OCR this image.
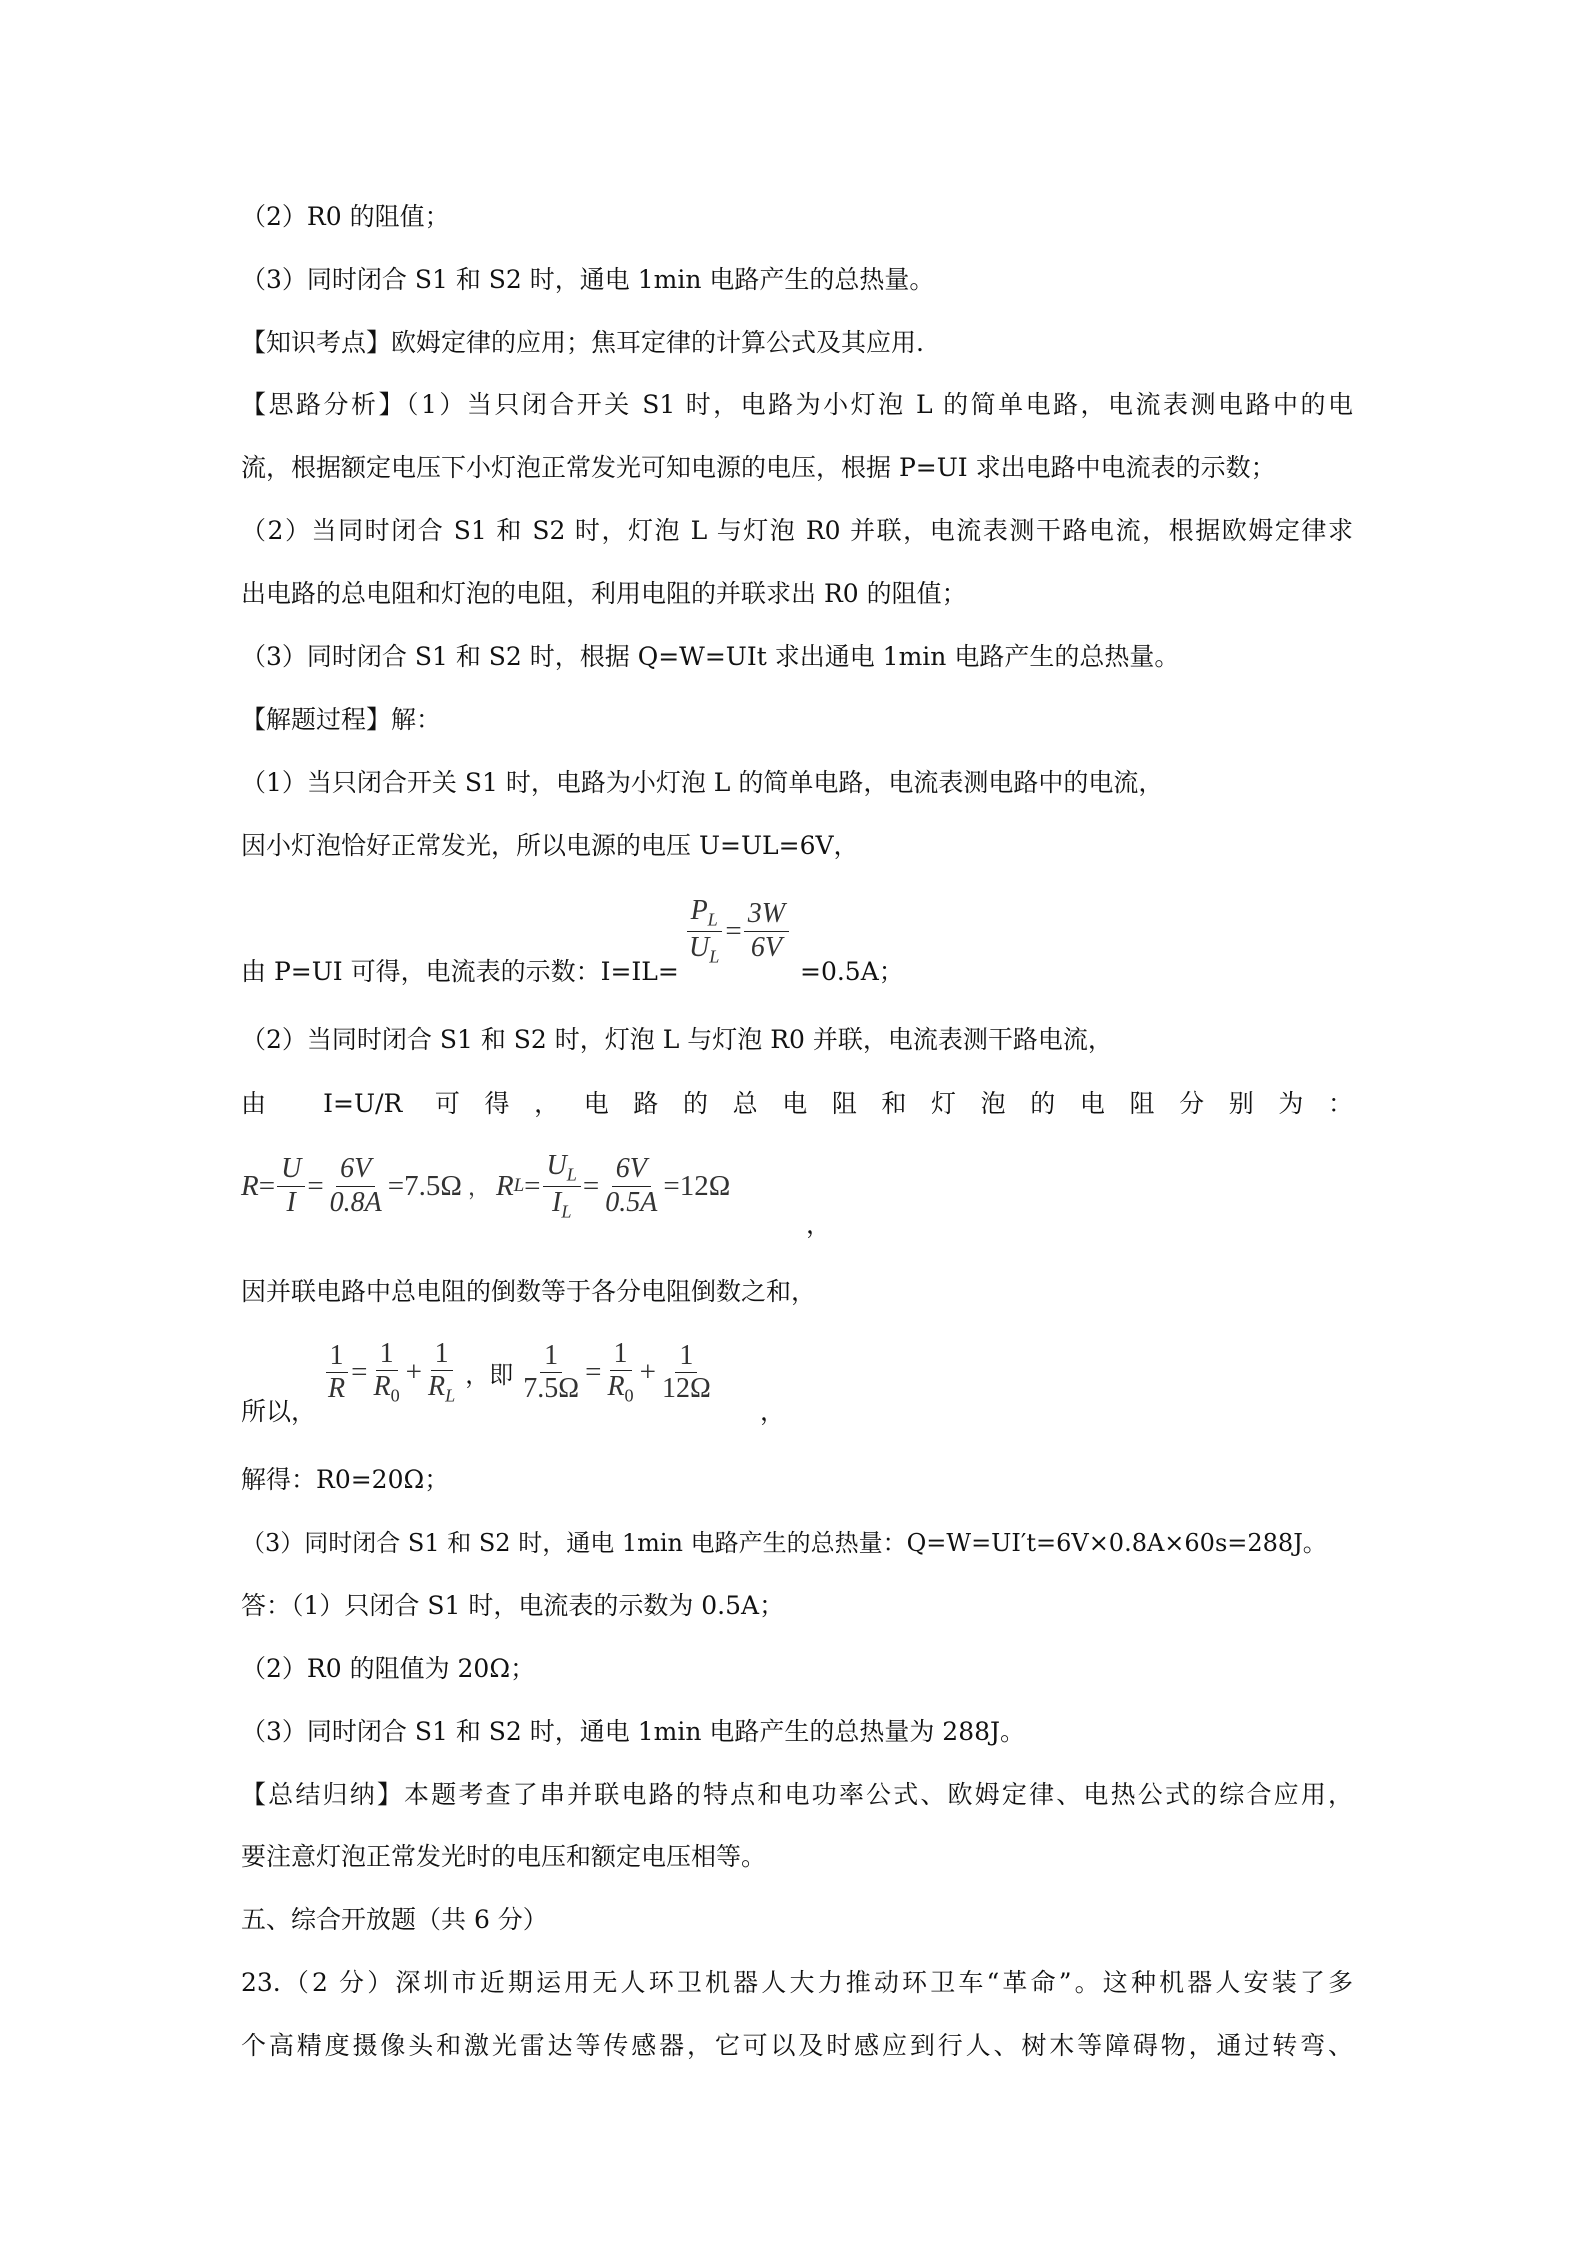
（2）R0 的阻值；
（3）同时闭合 S1 和 S2 时，通电 1min 电路产生的总热量。
【知识考点】欧姆定律的应用；焦耳定律的计算公式及其应用.
【思路分析】（1）当只闭合开关 S1 时，电路为小灯泡 L 的简单电路，电流表测电路中的电
流，根据额定电压下小灯泡正常发光可知电源的电压，根据 P=UI 求出电路中电流表的示数；
（2）当同时闭合 S1 和 S2 时，灯泡 L 与灯泡 R0 并联，电流表测干路电流，根据欧姆定律求
出电路的总电阻和灯泡的电阻，利用电阻的并联求出 R0 的阻值；
（3）同时闭合 S1 和 S2 时，根据 Q=W=UIt 求出通电 1min 电路产生的总热量。
【解题过程】解：
（1）当只闭合开关 S1 时，电路为小灯泡 L 的简单电路，电流表测电路中的电流，
因小灯泡恰好正常发光，所以电源的电压 U=UL=6V，
由 P=UI 可得，电流表的示数：I=IL=
$\frac{P_L}{U_L} = \frac{3W}{6V}$
=0.5A；
（2）当同时闭合 S1 和 S2 时，灯泡 L 与灯泡 R0 并联，电流表测干路电流，
由 I=U/R 可得，电路的总电阻和灯泡的电阻分别为：
$R = \frac{U}{I} = \frac{6V}{0.8A} =7.5\Omega$ ， R $L = \frac{U_L}{I_L} = \frac{6V}{0.5A} =12\Omega$
，
因并联电路中总电阻的倒数等于各分电阻倒数之和，
所以，
$\frac{1}{R} = \frac{1}{R_0} + \frac{1}{R_L}$ ，即 $\frac{1}{7.5\Omega} = \frac{1}{R_0} + \frac{1}{12\Omega}$
，
解得：R0=20Ω；
（3）同时闭合 S1 和 S2 时，通电 1min 电路产生的总热量：Q=W=UI′t=6V×0.8A×60s=288J。
答：（1）只闭合 S1 时，电流表的示数为 0.5A；
（2）R0 的阻值为 20Ω；
（3）同时闭合 S1 和 S2 时，通电 1min 电路产生的总热量为 288J。
【总结归纳】本题考查了串并联电路的特点和电功率公式、欧姆定律、电热公式的综合应用，
要注意灯泡正常发光时的电压和额定电压相等。
五、综合开放题（共 6 分）
23.（2 分）深圳市近期运用无人环卫机器人大力推动环卫车“革命”。这种机器人安装了多
个高精度摄像头和激光雷达等传感器，它可以及时感应到行人、树木等障碍物，通过转弯、
